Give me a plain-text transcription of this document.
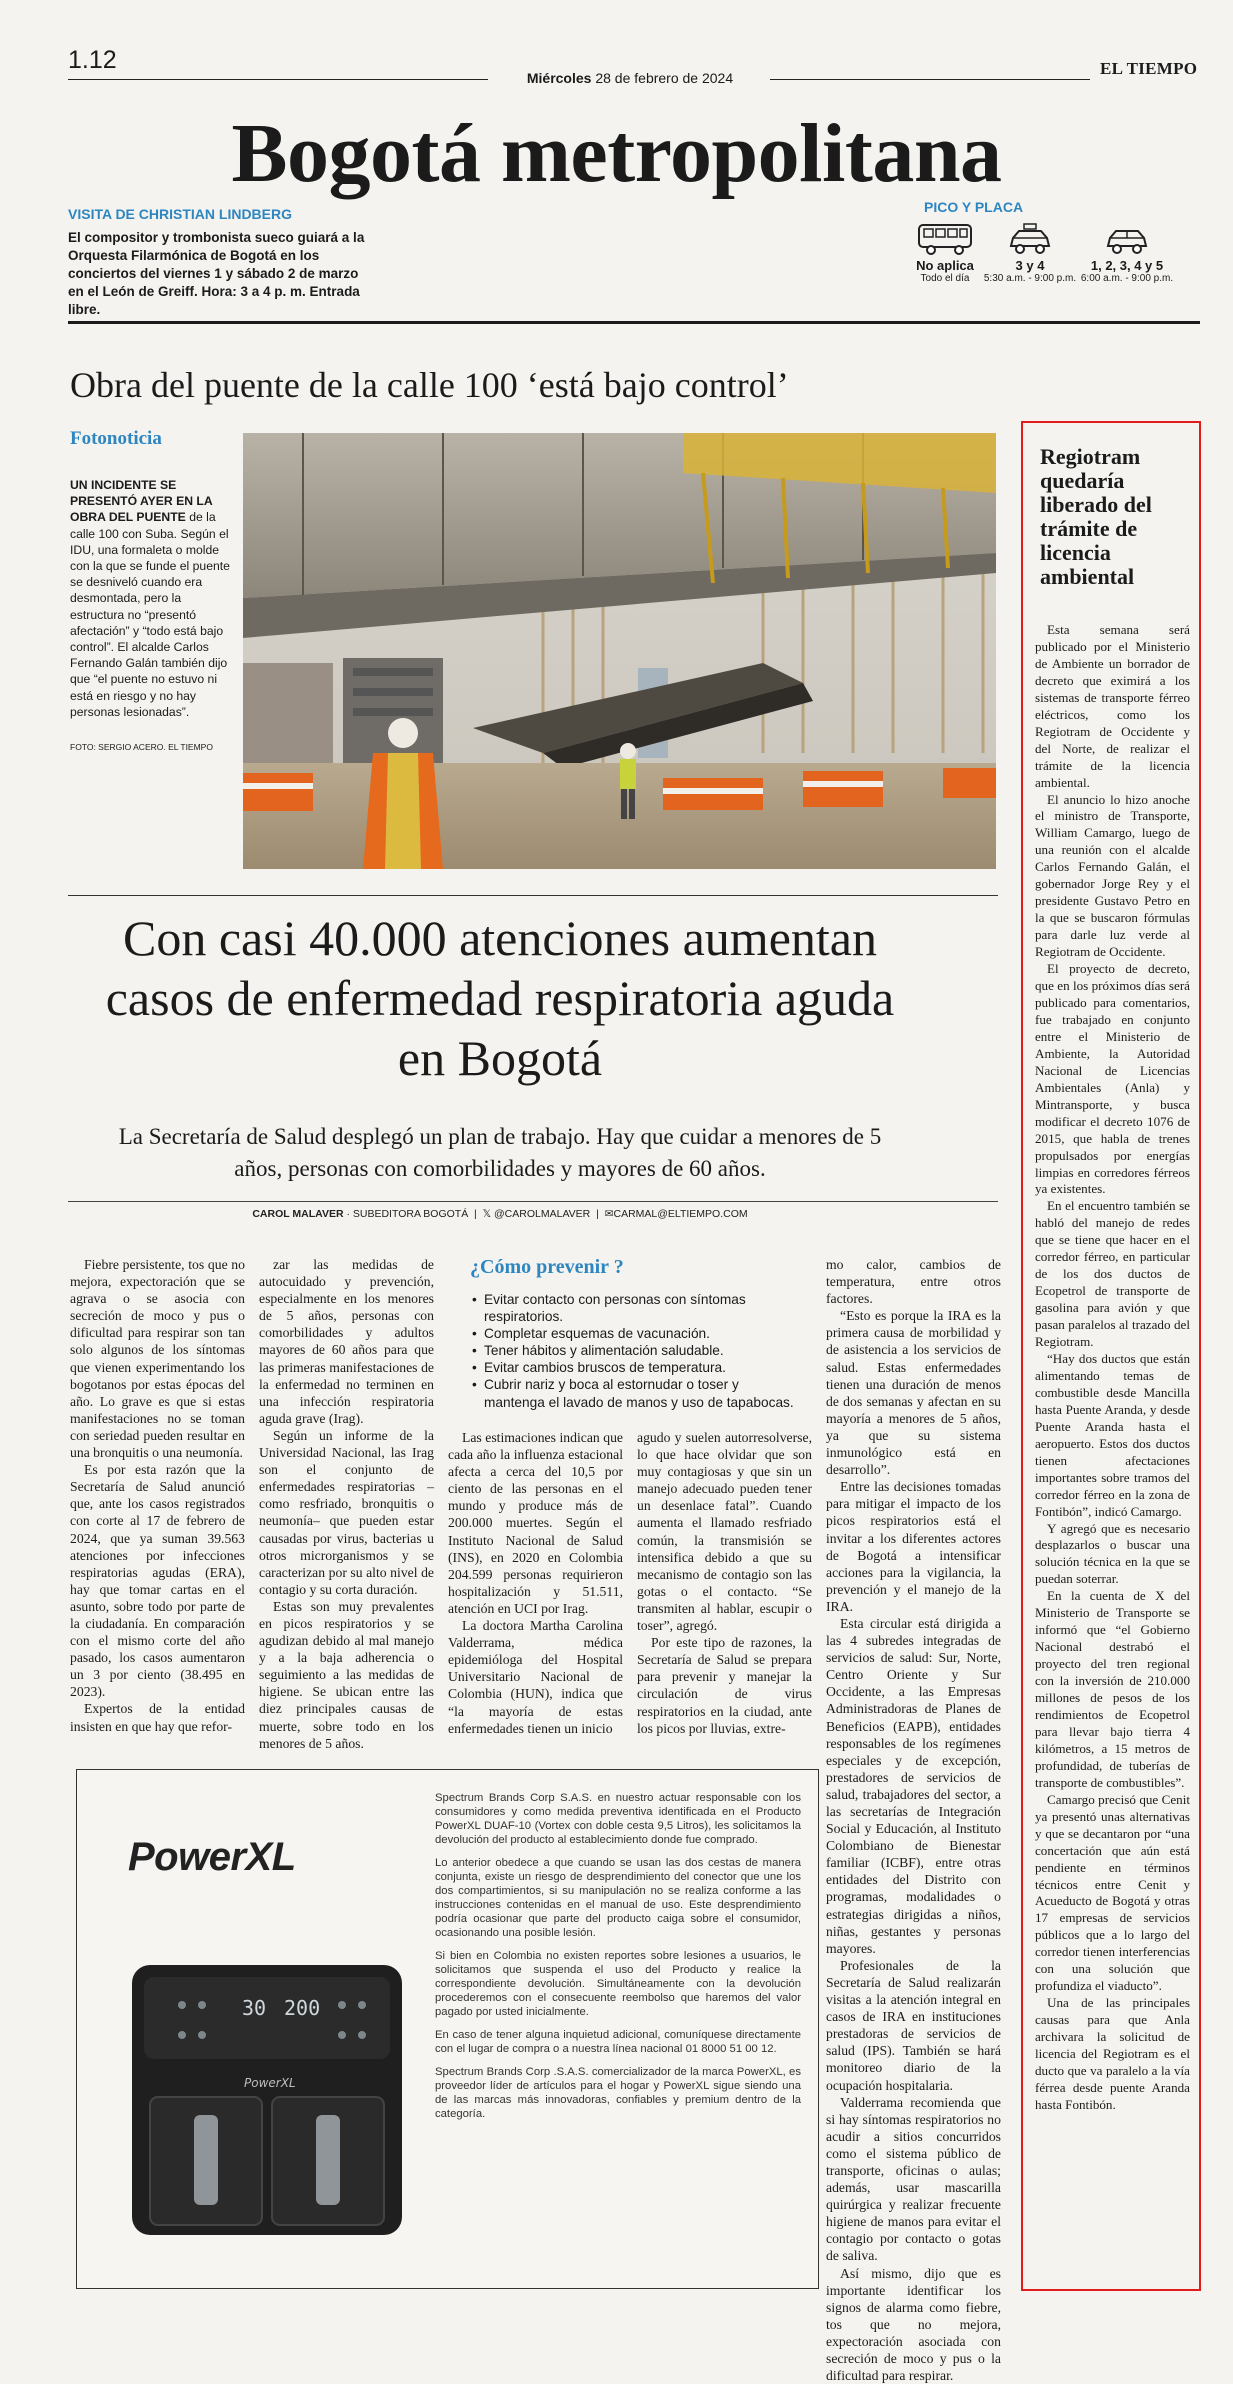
1.12
Miércoles 28 de febrero de 2024	EL TIEMPO
Bogotá metropolitana
VISITA DE CHRISTIAN LINDBERG
El compositor y trombonista sueco guiará a la Orquesta Filarmónica de Bogotá en los conciertos del viernes 1 y sábado 2 de marzo en el León de Greiff. Hora: 3 a 4 p. m. Entrada libre.
PICO Y PLACA
No aplica
Todo el día
3 y 4
5:30 a.m. - 9:00 p.m.
1, 2, 3, 4 y 5
6:00 a.m. - 9:00 p.m.
Obra del puente de la calle 100 ‘está bajo control’
Fotonoticia
UN INCIDENTE SE PRESENTÓ AYER EN LA OBRA DEL PUENTE de la calle 100 con Suba. Según el IDU, una formaleta o molde con la que se funde el puente se desniveló cuando era desmontada, pero la estructura no “presentó afectación” y “todo está bajo control”. El alcalde Carlos Fernando Galán también dijo que “el puente no estuvo ni está en riesgo y no hay personas lesionadas”.
FOTO: SERGIO ACERO. EL TIEMPO
Con casi 40.000 atenciones aumentan casos de enfermedad respiratoria aguda en Bogotá
La Secretaría de Salud desplegó un plan de trabajo. Hay que cuidar a menores de 5 años, personas con comorbilidades y mayores de 60 años.
CAROL MALAVER · SUBEDITORA BOGOTÁ  |  𝕏 @CAROLMALAVER  |  ✉CARMAL@ELTIEMPO.COM

Fiebre persistente, tos que no mejora, expectoración que se agrava o se asocia con secreción de moco y pus o dificultad para respirar son tan solo algunos de los síntomas que vienen experimentando los bogotanos por estas épocas del año. Lo grave es que si estas manifestaciones no se toman con seriedad pueden resultar en una bronquitis o una neumonía.

Es por esta razón que la Secretaría de Salud anunció que, ante los casos registrados con corte al 17 de febrero de 2024, que ya suman 39.563 atenciones por infecciones respiratorias agudas (ERA), hay que tomar cartas en el asunto, sobre todo por parte de la ciudadanía. En comparación con el mismo corte del año pasado, los casos aumentaron un 3 por ciento (38.495 en 2023).

Expertos de la entidad insisten en que hay que refor-

zar las medidas de autocuidado y prevención, especialmente en los menores de 5 años, personas con comorbilidades y adultos mayores de 60 años para que las primeras manifestaciones de la enfermedad no terminen en una infección respiratoria aguda grave (Irag).

Según un informe de la Universidad Nacional, las Irag son el conjunto de enfermedades respiratorias –como resfriado, bronquitis o neumonía– que pueden estar causadas por virus, bacterias u otros microrganismos y se caracterizan por su alto nivel de contagio y su corta duración.

Estas son muy prevalentes en picos respiratorios y se agudizan debido al mal manejo y a la baja adherencia o seguimiento a las medidas de higiene. Se ubican entre las diez principales causas de muerte, sobre todo en los menores de 5 años.

¿Cómo prevenir ?
• Evitar contacto con personas con síntomas respiratorios.
• Completar esquemas de vacunación.
• Tener hábitos y alimentación saludable.
• Evitar cambios bruscos de temperatura.
• Cubrir nariz y boca al estornudar o toser y mantenga el lavado de manos y uso de tapabocas.

Las estimaciones indican que cada año la influenza estacional afecta a cerca del 10,5 por ciento de las personas en el mundo y produce más de 200.000 muertes. Según el Instituto Nacional de Salud (INS), en 2020 en Colombia 204.599 personas requirieron hospitalización y 51.511, atención en UCI por Irag.

La doctora Martha Carolina Valderrama, médica epidemióloga del Hospital Universitario Nacional de Colombia (HUN), indica que “la mayoría de estas enfermedades tienen un inicio

agudo y suelen autorresolverse, lo que hace olvidar que son muy contagiosas y que sin un manejo adecuado pueden tener un desenlace fatal”. Cuando aumenta el llamado resfriado común, la transmisión se intensifica debido a que su mecanismo de contagio son las gotas o el contacto. “Se transmiten al hablar, escupir o toser”, agregó.

Por este tipo de razones, la Secretaría de Salud se prepara para prevenir y manejar la circulación de virus respiratorios en la ciudad, ante los picos por lluvias, extre-

mo calor, cambios de temperatura, entre otros factores.

“Esto es porque la IRA es la primera causa de morbilidad y de asistencia a los servicios de salud. Estas enfermedades tienen una duración de menos de dos semanas y afectan en su mayoría a menores de 5 años, ya que su sistema inmunológico está en desarrollo”.

Entre las decisiones tomadas para mitigar el impacto de los picos respiratorios está el invitar a los diferentes actores de Bogotá a intensificar acciones para la vigilancia, la prevención y el manejo de la IRA.

Esta circular está dirigida a las 4 subredes integradas de servicios de salud: Sur, Norte, Centro Oriente y Sur Occidente, a las Empresas Administradoras de Planes de Beneficios (EAPB), entidades responsables de los regímenes especiales y de excepción, prestadores de servicios de salud, trabajadores del sector, a las secretarías de Integración Social y Educación, al Instituto Colombiano de Bienestar familiar (ICBF), entre otras entidades del Distrito con programas, modalidades o estrategias dirigidas a niños, niñas, gestantes y personas mayores.

Profesionales de la Secretaría de Salud realizarán visitas a la atención integral en casos de IRA en instituciones prestadoras de servicios de salud (IPS). También se hará monitoreo diario de la ocupación hospitalaria.

Valderrama recomienda que si hay síntomas respiratorios no acudir a sitios concurridos como el sistema público de transporte, oficinas o aulas; además, usar mascarilla quirúrgica y realizar frecuente higiene de manos para evitar el contagio por contacto o gotas de saliva.

Así mismo, dijo que es importante identificar los signos de alarma como fiebre, tos que no mejora, expectoración asociada con secreción de moco y pus o la dificultad para respirar.

PowerXL
30 200
PowerXL

Spectrum Brands Corp S.A.S. en nuestro actuar responsable con los consumidores y como medida preventiva identificada en el Producto PowerXL DUAF-10 (Vortex con doble cesta 9,5 Litros), les solicitamos la devolución del producto al establecimiento donde fue comprado.

Lo anterior obedece a que cuando se usan las dos cestas de manera conjunta, existe un riesgo de desprendimiento del conector que une los dos compartimientos, si su manipulación no se realiza conforme a las instrucciones contenidas en el manual de uso. Este desprendimiento podría ocasionar que parte del producto caiga sobre el consumidor, ocasionando una posible lesión.

Si bien en Colombia no existen reportes sobre lesiones a usuarios, le solicitamos que suspenda el uso del Producto y realice la correspondiente devolución. Simultáneamente con la devolución procederemos con el consecuente reembolso que haremos del valor pagado por usted inicialmente.

En caso de tener alguna inquietud adicional, comuníquese directamente con el lugar de compra o a nuestra línea nacional 01 8000 51 00 12.

Spectrum Brands Corp .S.A.S. comercializador de la marca PowerXL, es proveedor líder de artículos para el hogar y PowerXL sigue siendo una de las marcas más innovadoras, confiables y premium dentro de la categoría.

Regiotram quedaría liberado del trámite de licencia ambiental

Esta semana será publicado por el Ministerio de Ambiente un borrador de decreto que eximirá a los sistemas de transporte férreo eléctricos, como los Regiotram de Occidente y del Norte, de realizar el trámite de la licencia ambiental.

El anuncio lo hizo anoche el ministro de Transporte, William Camargo, luego de una reunión con el alcalde Carlos Fernando Galán, el gobernador Jorge Rey y el presidente Gustavo Petro en la que se buscaron fórmulas para darle luz verde al Regiotram de Occidente.

El proyecto de decreto, que en los próximos días será publicado para comentarios, fue trabajado en conjunto entre el Ministerio de Ambiente, la Autoridad Nacional de Licencias Ambientales (Anla) y Mintransporte, y busca modificar el decreto 1076 de 2015, que habla de trenes propulsados por energías limpias en corredores férreos ya existentes.

En el encuentro también se habló del manejo de redes que se tiene que hacer en el corredor férreo, en particular de los dos ductos de Ecopetrol de transporte de gasolina para avión y que pasan paralelos al trazado del Regiotram.

“Hay dos ductos que están alimentando temas de combustible desde Mancilla hasta Puente Aranda, y desde Puente Aranda hasta el aeropuerto. Estos dos ductos tienen afectaciones importantes sobre tramos del corredor férreo en la zona de Fontibón”, indicó Camargo.

Y agregó que es necesario desplazarlos o buscar una solución técnica en la que se puedan soterrar.

En la cuenta de X del Ministerio de Transporte se informó que “el Gobierno Nacional destrabó el proyecto del tren regional con la inversión de 210.000 millones de pesos de los rendimientos de Ecopetrol para llevar bajo tierra 4 kilómetros, a 15 metros de profundidad, de tuberías de transporte de combustibles”.

Camargo precisó que Cenit ya presentó unas alternativas y que se decantaron por “una concertación que aún está pendiente en términos técnicos entre Cenit y Acueducto de Bogotá y otras 17 empresas de servicios públicos que a lo largo del corredor tienen interferencias con una solución que profundiza el viaducto”.

Una de las principales causas para que Anla archivara la solicitud de licencia del Regiotram es el ducto que va paralelo a la vía férrea desde puente Aranda hasta Fontibón.
